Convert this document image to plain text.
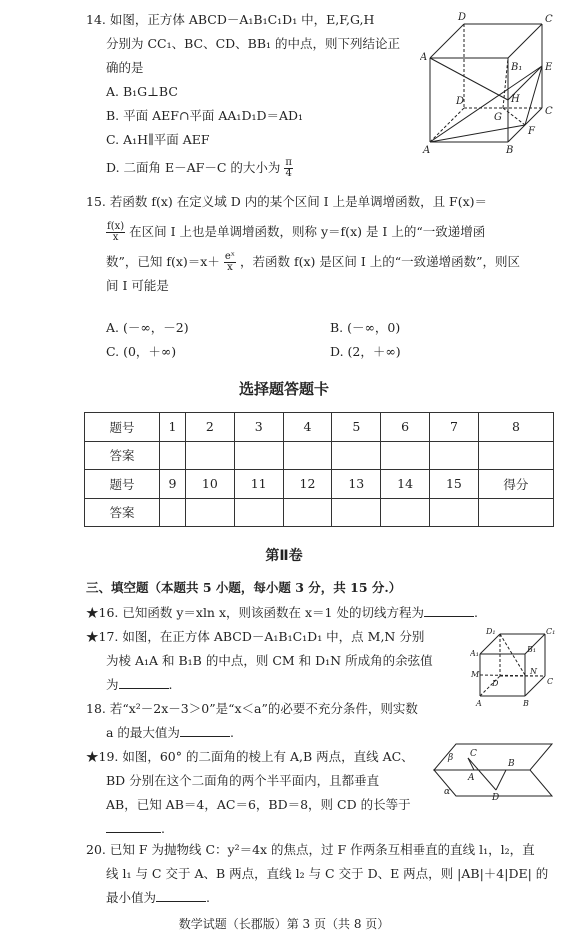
14. 如图，正方体 ABCD－A₁B₁C₁D₁ 中，E,F,G,H
分别为 CC₁、BC、CD、BB₁ 的中点，则下列结论正
确的是
A. B₁G⊥BC
B. 平面 AEF∩平面 AA₁D₁D＝AD₁
C. A₁H∥平面 AEF
D. 二面角 E－AF－C 的大小为 $\frac{\pi}{4}$
D	C
A
B₁ E
D	H
G
C
F
A	B
15. 若函数 f(x) 在定义域 D 内的某个区间 I 上是单调增函数，且 F(x)＝
$\frac{f(x)}{x}$ 在区间 I 上也是单调增函数，则称 y＝f(x) 是 I 上的“一致递增函
数”，已知 $f(x)=x+ \frac{\text{eˣ}}{x}$ ，若函数 f(x) 是区间 I 上的“一致递增函数”，则区
间 I 可能是
A. (－∞，－2)	B. (－∞，0)
C. (0，＋∞)	D. (2，＋∞)
选择题答题卡
题号	1	2	3	4	5	6	7	8
答案								
题号	9	10	11	12	13	14	15	得分
答案								
第Ⅱ卷
三、填空题（本题共 5 小题，每小题 3 分，共 15 分.）
★16. 已知函数 y＝xln x，则该函数在 x＝1 处的切线方程为	.
★17. 如图，在正方体 ABCD－A₁B₁C₁D₁ 中，点 M,N 分别
为棱 A₁A 和 B₁B 的中点，则 CM 和 D₁N 所成角的余弦值
为	.
D₁	C₁
A₁	B₁
M	N
D	C
A	B
18. 若“x²－2x－3＞0”是“x＜a”的必要不充分条件，则实数
a 的最大值为	.
★19. 如图，60° 的二面角的棱上有 A,B 两点，直线 AC、
BD 分别在这个二面角的两个半平面内，且都垂直
AB，已知 AB＝4，AC＝6，BD＝8，则 CD 的长等于
.
β C
A
B
α
D
20. 已知 F 为抛物线 C：y²＝4x 的焦点，过 F 作两条互相垂直的直线 l₁，l₂，直
线 l₁ 与 C 交于 A、B 两点，直线 l₂ 与 C 交于 D、E 两点，则 |AB|＋4|DE| 的
最小值为	.
数学试题（长郡版）第 3 页（共 8 页）
